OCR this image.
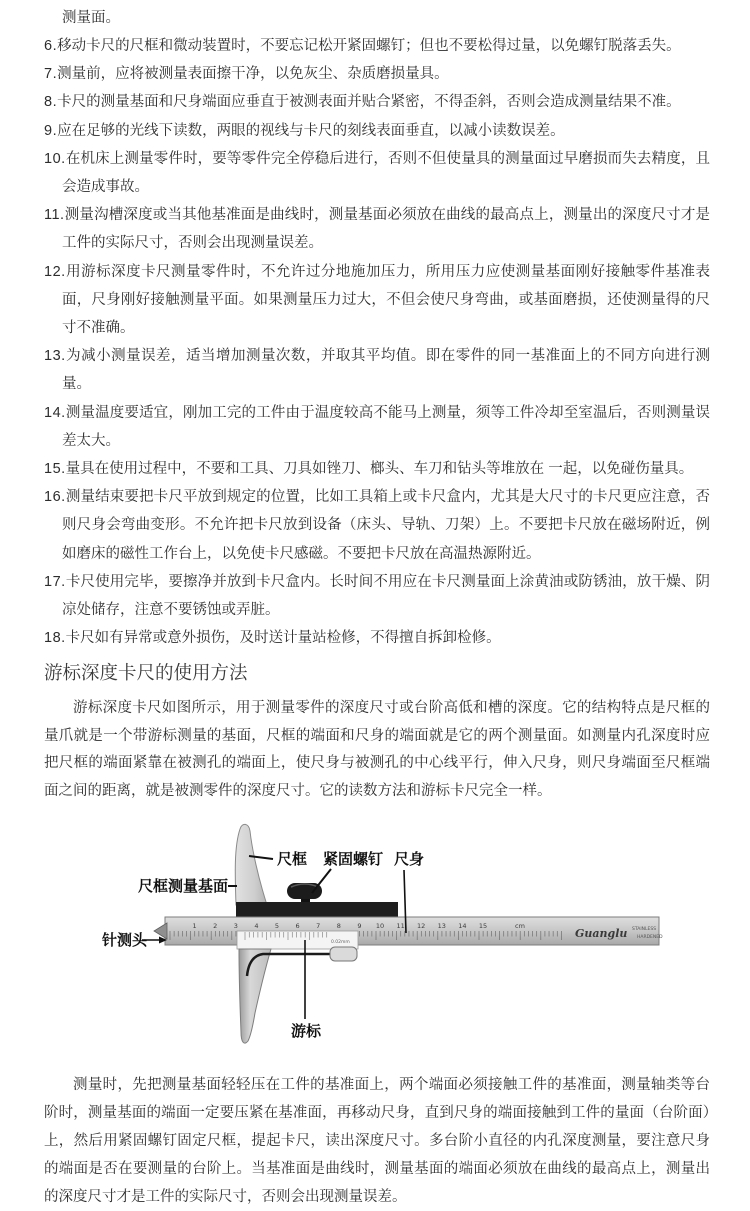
测量面。
6.移动卡尺的尺框和微动装置时，不要忘记松开紧固螺钉；但也不要松得过量，以免螺钉脱落丢失。
7.测量前，应将被测量表面擦干净，以免灰尘、杂质磨损量具。
8.卡尺的测量基面和尺身端面应垂直于被测表面并贴合紧密，不得歪斜，否则会造成测量结果不准。
9.应在足够的光线下读数，两眼的视线与卡尺的刻线表面垂直，以减小读数误差。
10.在机床上测量零件时，要等零件完全停稳后进行，否则不但使量具的测量面过早磨损而失去精度，且会造成事故。
11.测量沟槽深度或当其他基准面是曲线时，测量基面必须放在曲线的最高点上，测量出的深度尺寸才是工件的实际尺寸，否则会出现测量误差。
12.用游标深度卡尺测量零件时，不允许过分地施加压力，所用压力应使测量基面刚好接触零件基准表面，尺身刚好接触测量平面。如果测量压力过大，不但会使尺身弯曲，或基面磨损，还使测量得的尺寸不准确。
13.为减小测量误差，适当增加测量次数，并取其平均值。即在零件的同一基准面上的不同方向进行测量。
14.测量温度要适宜，刚加工完的工件由于温度较高不能马上测量，须等工件冷却至室温后，否则测量误差太大。
15.量具在使用过程中，不要和工具、刀具如锉刀、榔头、车刀和钻头等堆放在 一起，以免碰伤量具。
16.测量结束要把卡尺平放到规定的位置，比如工具箱上或卡尺盒内，尤其是大尺寸的卡尺更应注意，否则尺身会弯曲变形。不允许把卡尺放到设备（床头、导轨、刀架）上。不要把卡尺放在磁场附近，例如磨床的磁性工作台上，以免使卡尺感磁。不要把卡尺放在高温热源附近。
17.卡尺使用完毕，要擦净并放到卡尺盒内。长时间不用应在卡尺测量面上涂黄油或防锈油，放干燥、阴凉处储存，注意不要锈蚀或弄脏。
18.卡尺如有异常或意外损伤，及时送计量站检修，不得擅自拆卸检修。
游标深度卡尺的使用方法

游标深度卡尺如图所示，用于测量零件的深度尺寸或台阶高低和槽的深度。它的结构特点是尺框的量爪就是一个带游标测量的基面，尺框的端面和尺身的端面就是它的两个测量面。如测量内孔深度时应把尺框的端面紧靠在被测孔的端面上，使尺身与被测孔的中心线平行，伸入尺身，则尺身端面至尺框端面之间的距离，就是被测零件的深度尺寸。它的读数方法和游标卡尺完全一样。

1	2	3	4	5	6	7	8	9 10 11 12 13 14 15	cm
Guanglu STAINLESS
HARDENED
0.02mm
尺框 紧固螺钉 尺身
尺框测量基面
针测头
游标

测量时，先把测量基面轻轻压在工件的基准面上，两个端面必须接触工件的基准面，测量轴类等台阶时，测量基面的端面一定要压紧在基准面，再移动尺身，直到尺身的端面接触到工件的量面（台阶面）上，然后用紧固螺钉固定尺框，提起卡尺，读出深度尺寸。多台阶小直径的内孔深度测量，要注意尺身的端面是否在要测量的台阶上。当基准面是曲线时，测量基面的端面必须放在曲线的最高点上，测量出的深度尺寸才是工件的实际尺寸，否则会出现测量误差。
